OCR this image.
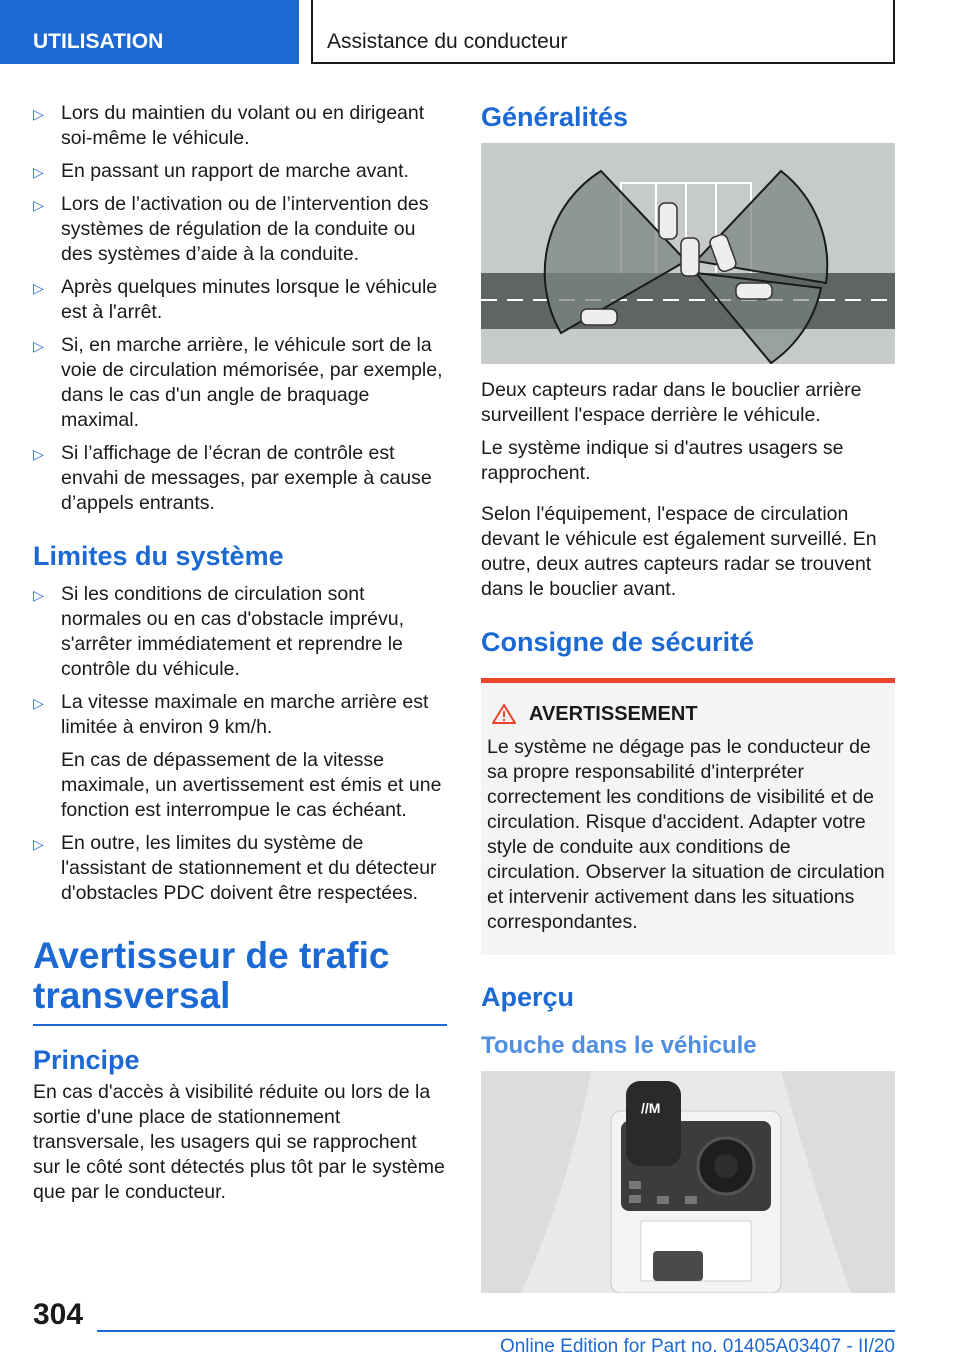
UTILISATION	Assistance du conducteur
▷ Lors du maintien du volant ou en dirigeant soi-même le véhicule.
▷ En passant un rapport de marche avant.
▷ Lors de l’activation ou de l’intervention des systèmes de régulation de la conduite ou des systèmes d’aide à la conduite.
▷ Après quelques minutes lorsque le véhicule est à l'arrêt.
▷ Si, en marche arrière, le véhicule sort de la voie de circulation mémorisée, par exemple, dans le cas d'un angle de braquage maximal.
▷ Si l’affichage de l’écran de contrôle est envahi de messages, par exemple à cause d’appels entrants.
Limites du système
▷ Si les conditions de circulation sont normales ou en cas d'obstacle imprévu, s'arrêter immédiatement et reprendre le contrôle du véhicule.
▷ La vitesse maximale en marche arrière est limitée à environ 9 km/h.
En cas de dépassement de la vitesse maximale, un avertissement est émis et une fonction est interrompue le cas échéant.
▷ En outre, les limites du système de l'assistant de stationnement et du détecteur d'obstacles PDC doivent être respectées.
Avertisseur de trafic transversal
Principe

En cas d'accès à visibilité réduite ou lors de la sortie d'une place de stationnement transversale, les usagers qui se rapprochent sur le côté sont détectés plus tôt par le système que par le conducteur.

Généralités

Deux capteurs radar dans le bouclier arrière surveillent l'espace derrière le véhicule.

Le système indique si d'autres usagers se rapprochent.

Selon l'équipement, l'espace de circulation devant le véhicule est également surveillé. En outre, deux autres capteurs radar se trouvent dans le bouclier avant.

Consigne de sécurité
AVERTISSEMENT

Le système ne dégage pas le conducteur de sa propre responsabilité d'interpréter correctement les conditions de visibilité et de circulation. Risque d'accident. Adapter votre style de conduite aux conditions de circulation. Observer la situation de circulation et intervenir activement dans les situations correspondantes.

Aperçu
Touche dans le véhicule
//M
304
Online Edition for Part no. 01405A03407 - II/20
